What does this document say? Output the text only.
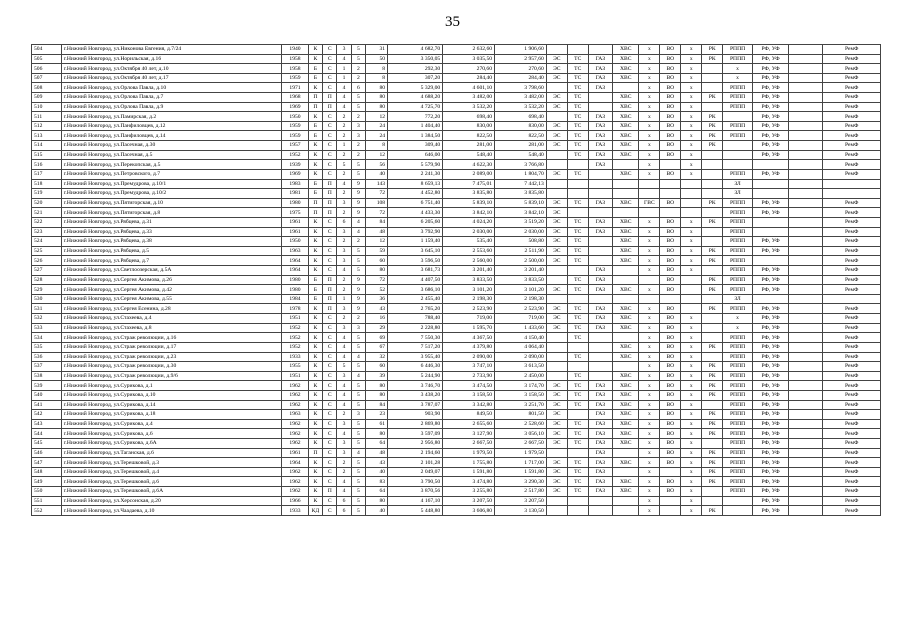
35
504	г.Нижний Новгород, ул.Никонова Евгения, д.7/24	1940	К	С	3	5	31	4 682,70	2 632,60	1 906,60				ХВС	х	ВО	х	РК	РППП	РФ, УФ		РемФ
505	г.Нижний Новгород, ул.Норильская, д.16	1958	К	С	4	5	50	3 350,05	3 035,50	2 957,60	ЭС	ТС	ГАЗ	ХВС	х	ВО	х	РК	РППП	РФ, УФ		РемФ
506	г.Нижний Новгород, ул.Октября 40 лет, д.10	1958	Б	С	1	2	8	292,30	270,60	270,60	ЭС	ТС	ГАЗ	ХВС	х	ВО	х		х	РФ, УФ		РемФ
507	г.Нижний Новгород, ул.Октября 40 лет, д.17	1959	Б	С	1	2	8	307,20	284,40	284,40	ЭС	ТС	ГАЗ	ХВС	х	ВО	х		х	РФ, УФ		РемФ
508	г.Нижний Новгород, ул.Орлова Павла, д.10	1971	К	С	4	6	80	5 329,00	4 601,10	3 798,60		ТС	ГАЗ		х	ВО	х		РППП	РФ, УФ		РемФ
509	г.Нижний Новгород, ул.Орлова Павла, д.7	1968	П	П	4	5	80	4 688,20	3 482,00	3 482,00	ЭС	ТС		ХВС	х	ВО	х	РК	РППП	РФ, УФ		РемФ
510	г.Нижний Новгород, ул.Орлова Павла, д.9	1969	П	П	4	5	80	4 725,70	3 532,20	3 532,20	ЭС	ТС		ХВС	х	ВО	х		РППП	РФ, УФ		РемФ
511	г.Нижний Новгород, ул.Памирская, д.2	1950	К	С	2	2	12	772,20	698,40	698,40		ТС	ГАЗ	ХВС	х	ВО	х	РК		РФ, УФ		РемФ
512	г.Нижний Новгород, ул.Панфиловцев, д.12	1959	Б	С	2	3	24	1 404,40	830,00	830,00	ЭС	ТС	ГАЗ	ХВС	х	ВО	х	РК	РППП	РФ, УФ		РемФ
513	г.Нижний Новгород, ул.Панфиловцев, д.14	1959	Б	С	2	3	24	1 384,50	822,50	822,50	ЭС	ТС	ГАЗ	ХВС	х	ВО	х	РК	РППП	РФ, УФ		РемФ
514	г.Нижний Новгород, ул.Пасечная, д.30	1957	К	С	1	2	8	309,40	281,00	281,00	ЭС	ТС	ГАЗ	ХВС	х	ВО	х	РК		РФ, УФ		РемФ
515	г.Нижний Новгород, ул.Пасечная, д.5	1952	К	С	2	2	12	646,00	548,40	548,40		ТС	ГАЗ	ХВС	х	ВО	х			РФ, УФ		РемФ
516	г.Нижний Новгород, ул.Перекопская, д.5	1939	К	С	5	5	56	5 579,90	4 622,30	3 766,80			ГАЗ		х		х					РемФ
517	г.Нижний Новгород, ул.Петровского, д.7	1969	К	С	2	5	40	2 241,30	2 089,00	1 804,70	ЭС	ТС		ХВС	х	ВО	х		РППП	РФ, УФ		РемФ
518	г.Нижний Новгород, ул.Премудрова, д.10/1	1983	Б	П	4	9	143	8 659,13	7 475,01	7 442,13									ЗЛ			
519	г.Нижний Новгород, ул.Премудрова, д.10/2	1981	Б	П	2	9	72	4 452,80	3 835,80	3 835,80									ЗЛ			
520	г.Нижний Новгород, ул.Пятигорская, д.10	1980	П	П	3	9	108	6 751,40	5 839,10	5 839,10	ЭС	ТС	ГАЗ	ХВС	ГВС	ВО		РК	РППП	РФ, УФ		РемФ
521	г.Нижний Новгород, ул.Пятигорская, д.8	1975	П	П	2	9	72	4 433,30	3 842,10	3 842,10	ЭС								РППП	РФ, УФ		РемФ
522	г.Нижний Новгород, ул.Рябцева, д.31	1961	К	С	6	4	84	6 205,60	4 024,20	3 519,20	ЭС	ТС	ГАЗ	ХВС	х	ВО	х	РК	РППП			РемФ
523	г.Нижний Новгород, ул.Рябцева, д.33	1961	К	С	3	4	48	3 792,90	2 030,00	2 030,00	ЭС	ТС	ГАЗ	ХВС	х	ВО	х		РППП			РемФ
524	г.Нижний Новгород, ул.Рябцева, д.38	1950	К	С	2	2	12	1 159,40	535,40	508,80	ЭС	ТС		ХВС	х	ВО	х		РППП	РФ, УФ		РемФ
525	г.Нижний Новгород, ул.Рябцева, д.5	1963	К	С	3	5	59	3 645,10	2 553,60	2 511,90	ЭС	ТС		ХВС	х	ВО	х	РК	РППП	РФ, УФ		РемФ
526	г.Нижний Новгород, ул.Рябцева, д.7	1964	К	С	3	5	60	3 596,50	2 560,00	2 500,00	ЭС	ТС		ХВС	х	ВО	х	РК	РППП			РемФ
527	г.Нижний Новгород, ул.Светлоозерская, д.5А	1964	К	С	4	5	80	3 681,73	3 201,40	3 201,40			ГАЗ		х	ВО	х		РППП	РФ, УФ		РемФ
528	г.Нижний Новгород, ул.Сергея Акимова, д.26	1980	Б	П	2	9	72	4 407,50	3 833,50	3 833,50		ТС	ГАЗ			ВО		РК	РППП	РФ, УФ		РемФ
529	г.Нижний Новгород, ул.Сергея Акимова, д.42	1980	Б	П	2	9	52	3 686,10	3 101,20	3 101,20	ЭС	ТС	ГАЗ	ХВС	х	ВО		РК	РППП	РФ, УФ		РемФ
530	г.Нижний Новгород, ул.Сергея Акимова, д.55	1984	Б	П	1	9	36	2 455,40	2 198,30	2 198,30									ЗЛ			
531	г.Нижний Новгород, ул.Сергея Есенина, д.28	1978	К	П	3	9	43	2 765,20	2 523,90	2 523,90	ЭС	ТС	ГАЗ	ХВС	х	ВО		РК	РППП	РФ, УФ		РемФ
532	г.Нижний Новгород, ул.Стахеева, д.4	1951	К	С	2	2	16	788,40	719,00	719,00	ЭС	ТС	ГАЗ	ХВС	х	ВО	х		х	РФ, УФ		РемФ
533	г.Нижний Новгород, ул.Стахеева, д.8	1952	К	С	3	3	29	2 228,80	1 595,70	1 433,60	ЭС	ТС	ГАЗ	ХВС	х	ВО	х		х	РФ, УФ		РемФ
534	г.Нижний Новгород, ул.Страж революции, д.16	1952	К	С	4	5	69	7 550,30	4 367,50	4 150,40		ТС			х	ВО	х		РППП	РФ, УФ		РемФ
535	г.Нижний Новгород, ул.Страж революции, д.17	1952	К	С	4	5	67	7 517,20	4 379,80	4 064,40				ХВС	х	ВО	х	РК	РППП	РФ, УФ		РемФ
536	г.Нижний Новгород, ул.Страж революции, д.23	1933	К	С	4	4	32	3 955,40	2 090,00	2 090,00		ТС		ХВС	х	ВО	х		РППП	РФ, УФ		РемФ
537	г.Нижний Новгород, ул.Страж революции, д.30	1955	К	С	5	5	60	6 446,30	3 747,10	3 613,50					х	ВО	х	РК	РППП	РФ, УФ		РемФ
538	г.Нижний Новгород, ул.Страж революции, д.9/6	1951	К	С	3	4	39	5 244,90	2 733,90	2 450,00		ТС		ХВС	х	ВО	х	РК	РППП	РФ, УФ		РемФ
539	г.Нижний Новгород, ул.Сурикова, д.1	1962	К	С	4	5	80	3 746,70	3 474,50	3 174,70	ЭС	ТС	ГАЗ	ХВС	х	ВО	х	РК	РППП	РФ, УФ		РемФ
540	г.Нижний Новгород, ул.Сурикова, д.10	1962	К	С	4	5	80	3 438,20	3 158,50	3 158,50	ЭС	ТС	ГАЗ	ХВС	х	ВО	х	РК	РППП	РФ, УФ		РемФ
541	г.Нижний Новгород, ул.Сурикова, д.14	1962	К	С	4	5	84	3 787,07	3 342,80	3 251,70	ЭС	ТС	ГАЗ	ХВС	х	ВО	х		РППП	РФ, УФ		РемФ
542	г.Нижний Новгород, ул.Сурикова, д.18	1963	К	С	2	3	23	903,90	849,50	801,50	ЭС		ГАЗ	ХВС	х	ВО	х	РК	РППП	РФ, УФ		РемФ
543	г.Нижний Новгород, ул.Сурикова, д.4	1962	К	С	3	5	61	2 869,80	2 655,60	2 528,60	ЭС	ТС	ГАЗ	ХВС	х	ВО	х	РК	РППП	РФ, УФ		РемФ
544	г.Нижний Новгород, ул.Сурикова, д.6	1962	К	С	4	5	80	3 597,09	3 127,90	3 056,10	ЭС	ТС	ГАЗ	ХВС	х	ВО	х	РК	РППП	РФ, УФ		РемФ
545	г.Нижний Новгород, ул.Сурикова, д.6А	1962	К	С	3	5	64	2 956,80	2 667,50	2 667,50	ЭС	ТС	ГАЗ	ХВС	х	ВО	х		РППП	РФ, УФ		РемФ
546	г.Нижний Новгород, ул.Таганская, д.6	1961	П	С	3	4	48	2 194,60	1 979,50	1 979,50			ГАЗ		х	ВО	х	РК	РППП	РФ, УФ		РемФ
547	г.Нижний Новгород, ул.Терешковой, д.3	1964	К	С	2	5	43	2 101,28	1 755,80	1 717,00	ЭС	ТС	ГАЗ	ХВС	х	ВО	х	РК	РППП	РФ, УФ		РемФ
548	г.Нижний Новгород, ул.Терешковой, д.4	1962	К	С	2	5	40	2 049,07	1 591,80	1 591,80	ЭС	ТС	ГАЗ		х		х	РК	РППП	РФ, УФ		РемФ
549	г.Нижний Новгород, ул.Терешковой, д.6	1962	К	С	4	5	83	3 790,50	3 474,80	3 290,30	ЭС	ТС	ГАЗ	ХВС	х	ВО	х	РК	РППП	РФ, УФ		РемФ
550	г.Нижний Новгород, ул.Терешковой, д.6А	1962	К	П	4	5	64	3 870,56	3 255,80	2 517,80	ЭС	ТС	ГАЗ	ХВС	х	ВО	х		РППП	РФ, УФ		РемФ
551	г.Нижний Новгород, ул.Херсонская, д.20	1966	К	С	6	5	80	4 167,10	3 207,50	3 207,50					х		х			РФ, УФ		РемФ
552	г.Нижний Новгород, ул.Чаадаева, д.10	1933	КД	С	6	5	40	5 448,80	3 606,80	3 130,50					х		х	РК		РФ, УФ		РемФ
